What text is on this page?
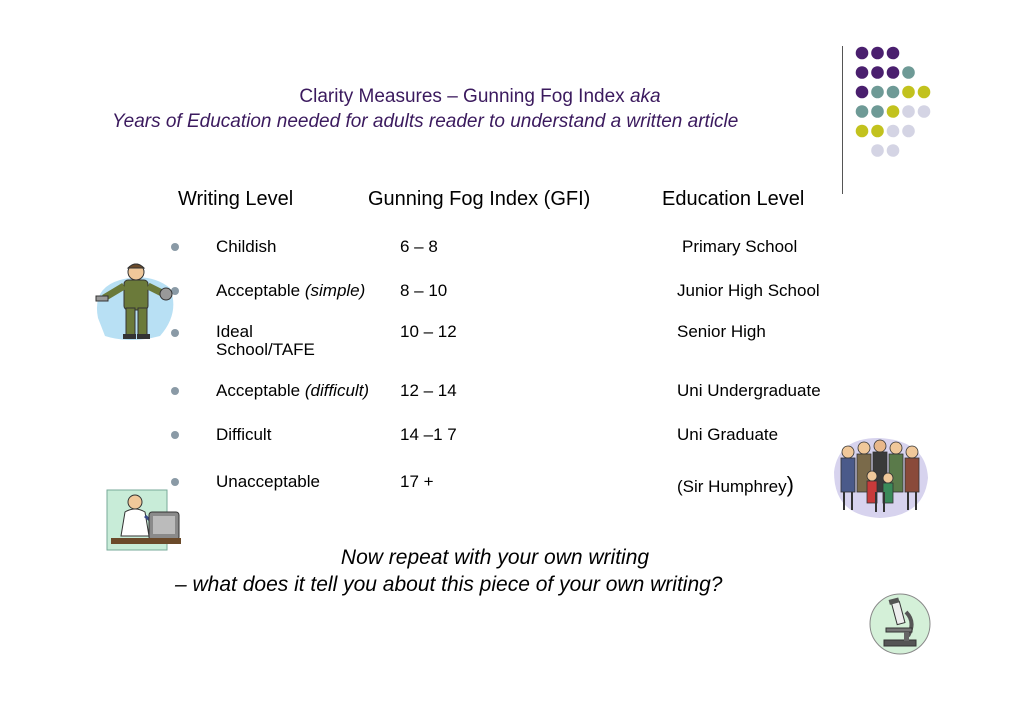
Clarity Measures – Gunning Fog Index aka
Years of Education needed for adults reader to understand a written article
Writing Level	Gunning Fog Index (GFI)	Education Level
Childish	6 – 8	Primary School
Acceptable (simple) 8 – 10	Junior High School
Ideal
School/TAFE
10 – 12	Senior High
Acceptable (difficult) 12 – 14	Uni Undergraduate
Difficult	14 –1 7	Uni Graduate
Unacceptable	17 +	(Sir Humphrey)
Now repeat with your own writing
– what does it tell you about this piece of your own writing?
